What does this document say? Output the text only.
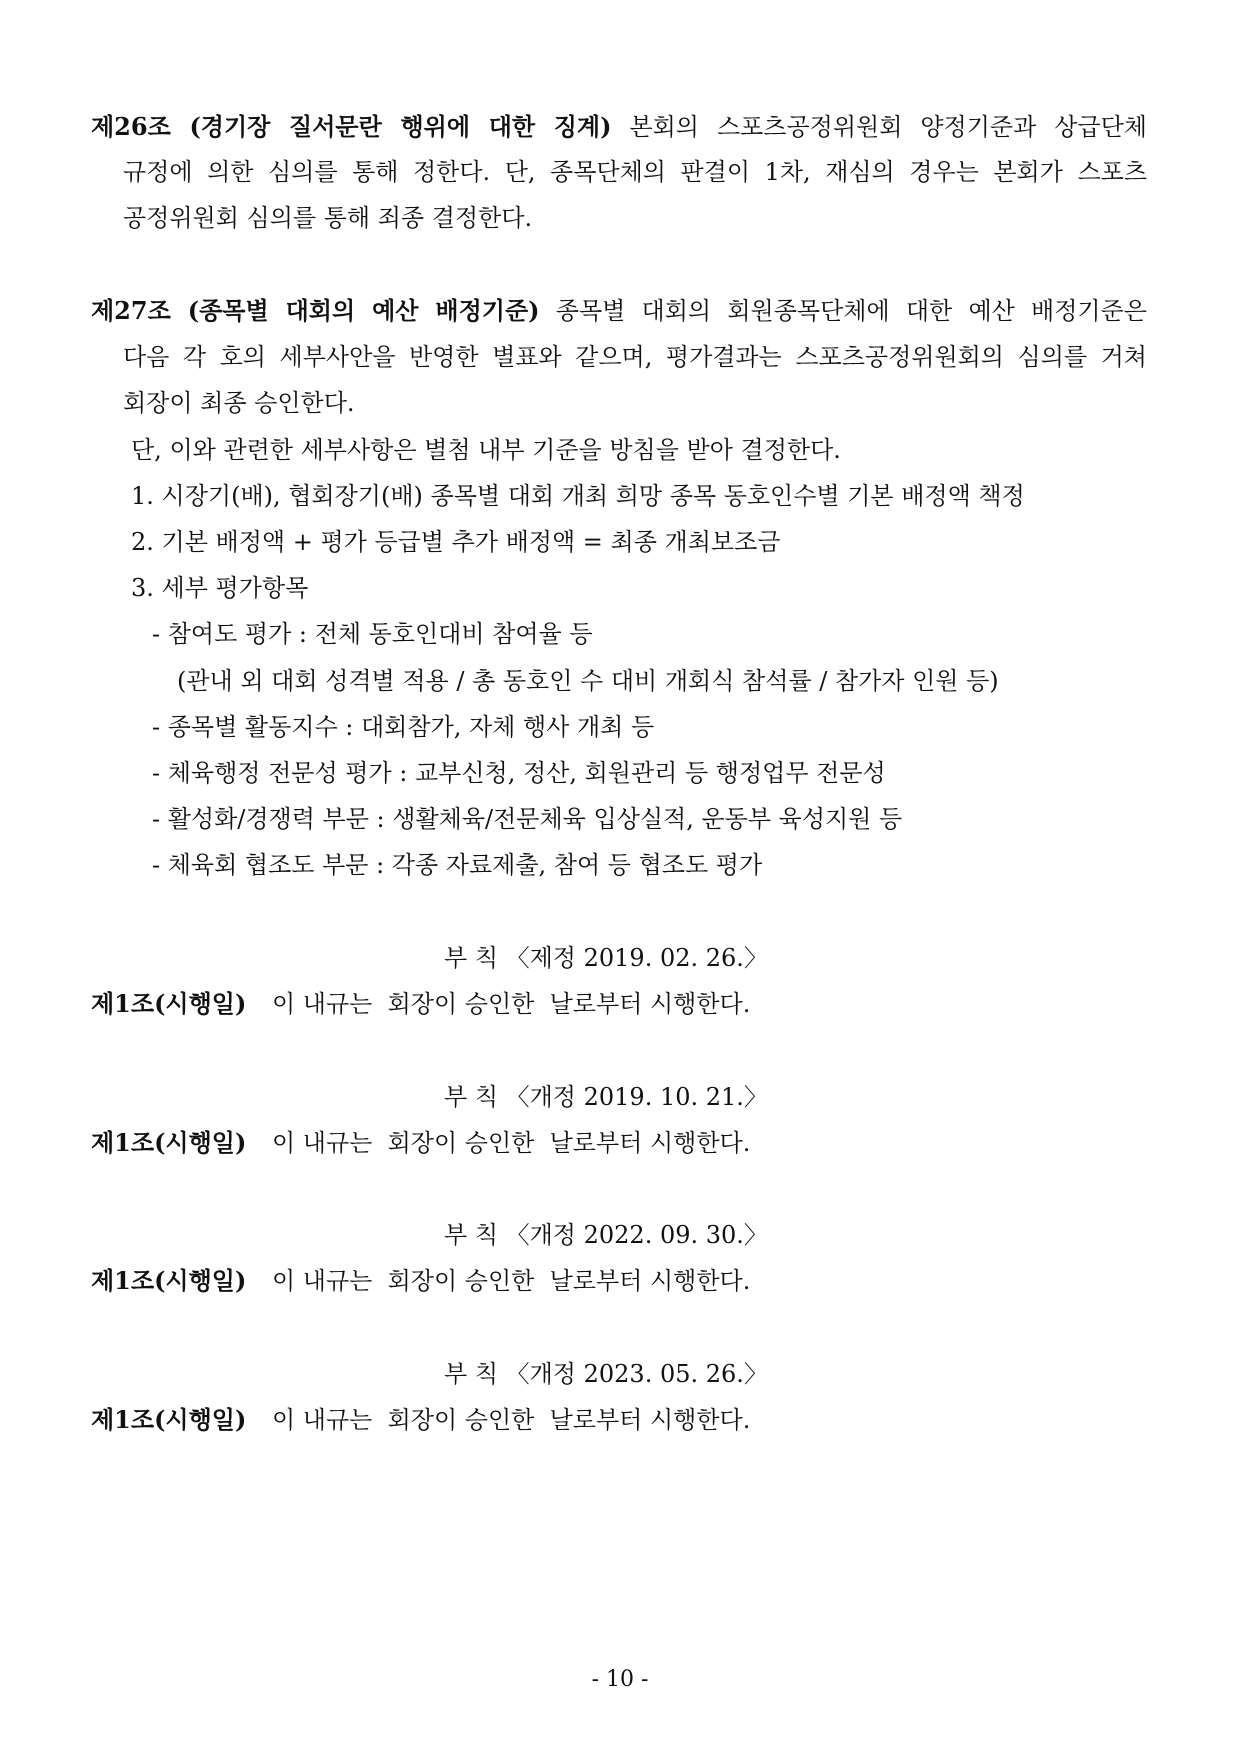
제26조 (경기장 질서문란 행위에 대한 징계) 본회의 스포츠공정위원회 양정기준과 상급단체
규정에 의한 심의를 통해 정한다. 단, 종목단체의 판결이 1차, 재심의 경우는 본회가 스포츠
공정위원회 심의를 통해 죄종 결정한다.
제27조 (종목별 대회의 예산 배정기준) 종목별 대회의 회원종목단체에 대한 예산 배정기준은
다음 각 호의 세부사안을 반영한 별표와 같으며, 평가결과는 스포츠공정위원회의 심의를 거쳐
회장이 최종 승인한다.
단, 이와 관련한 세부사항은 별첨 내부 기준을 방침을 받아 결정한다.
1. 시장기(배), 협회장기(배) 종목별 대회 개최 희망 종목 동호인수별 기본 배정액 책정
2. 기본 배정액 + 평가 등급별 추가 배정액 = 최종 개최보조금
3. 세부 평가항목
- 참여도 평가 : 전체 동호인대비 참여율 등
(관내 외 대회 성격별 적용 / 총 동호인 수 대비 개회식 참석률 / 참가자 인원 등)
- 종목별 활동지수 : 대회참가, 자체 행사 개최 등
- 체육행정 전문성 평가 : 교부신청, 정산, 회원관리 등 행정업무 전문성
- 활성화/경쟁력 부문 : 생활체육/전문체육 입상실적, 운동부 육성지원 등
- 체육회 협조도 부문 : 각종 자료제출, 참여 등 협조도 평가
부 칙 〈제정 2019. 02. 26.〉
제1조(시행일) 이 내규는  회장이 승인한  날로부터 시행한다.
부 칙 〈개정 2019. 10. 21.〉
제1조(시행일) 이 내규는  회장이 승인한  날로부터 시행한다.
부 칙 〈개정 2022. 09. 30.〉
제1조(시행일) 이 내규는  회장이 승인한  날로부터 시행한다.
부 칙 〈개정 2023. 05. 26.〉
제1조(시행일) 이 내규는  회장이 승인한  날로부터 시행한다.
- 10 -
